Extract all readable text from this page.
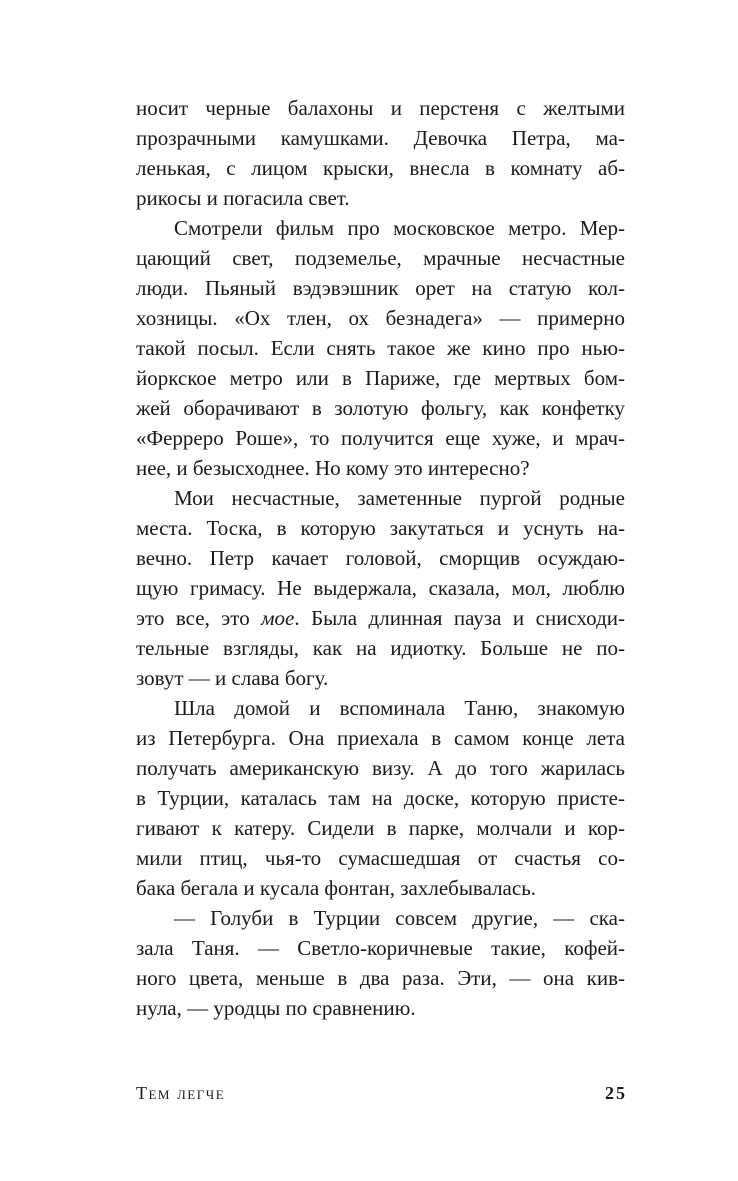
носит черные балахоны и перстеня с желтыми
прозрачными камушками. Девочка Петра, ма-
ленькая, с лицом крыски, внесла в комнату аб-
рикосы и погасила свет.
Смотрели фильм про московское метро. Мер-
цающий свет, подземелье, мрачные несчастные
люди. Пьяный вэдэвэшник орет на статую кол-
хозницы. «Ох тлен, ох безнадега» — примерно
такой посыл. Если снять такое же кино про нью-
йоркское метро или в Париже, где мертвых бом-
жей оборачивают в золотую фольгу, как конфетку
«Ферреро Роше», то получится еще хуже, и мрач-
нее, и безысходнее. Но кому это интересно?
Мои несчастные, заметенные пургой родные
места. Тоска, в которую закутаться и уснуть на-
вечно. Петр качает головой, сморщив осуждаю-
щую гримасу. Не выдержала, сказала, мол, люблю
это все, это мое. Была длинная пауза и снисходи-
тельные взгляды, как на идиотку. Больше не по-
зовут — и слава богу.
Шла домой и вспоминала Таню, знакомую
из Петербурга. Она приехала в самом конце лета
получать американскую визу. А до того жарилась
в Турции, каталась там на доске, которую присте-
гивают к катеру. Сидели в парке, молчали и кор-
мили птиц, чья-то сумасшедшая от счастья со-
бака бегала и кусала фонтан, захлебывалась.
— Голуби в Турции совсем другие, — ска-
зала Таня. — Светло-коричневые такие, кофей-
ного цвета, меньше в два раза. Эти, — она кив-
нула, — уродцы по сравнению.
Тем легче	25
